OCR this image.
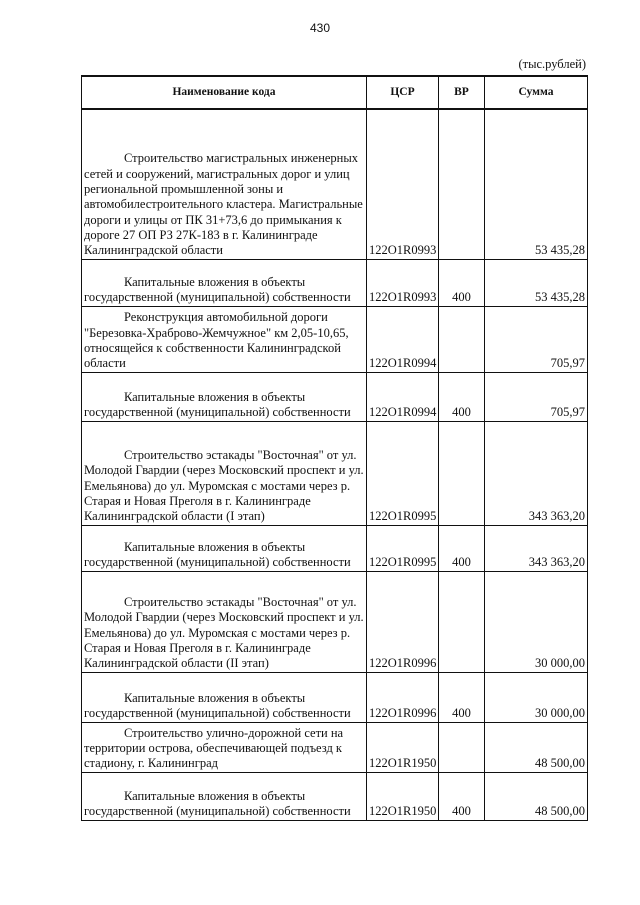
430
(тыс.рублей)
Наименование кода	ЦСР	ВР	Сумма

Строительство магистральных инженерных сетей и сооружений, магистральных дорог и улиц региональной промышленной зоны и автомобилестроительного кластера. Магистральные дороги и улицы от ПК 31+73,6 до примыкания к дороге 27 ОП РЗ 27К-183 в г. Калининграде Калининградской области	122О1R0993		53 435,28

Капитальные вложения в объекты государственной (муниципальной) собственности	122О1R0993	400	53 435,28

Реконструкция автомобильной дороги "Березовка-Храброво-Жемчужное" км 2,05-10,65, относящейся к собственности Калининградской области	122О1R0994		705,97

Капитальные вложения в объекты государственной (муниципальной) собственности	122О1R0994	400	705,97

Строительство эстакады "Восточная" от ул. Молодой Гвардии (через Московский проспект и ул. Емельянова) до ул. Муромская с мостами через р. Старая и Новая Преголя в г. Калининграде Калининградской области (I этап)	122О1R0995		343 363,20

Капитальные вложения в объекты государственной (муниципальной) собственности	122О1R0995	400	343 363,20

Строительство эстакады "Восточная" от ул. Молодой Гвардии (через Московский проспект и ул. Емельянова) до ул. Муромская с мостами через р. Старая и Новая Преголя в г. Калининграде Калининградской области (II этап)	122О1R0996		30 000,00

Капитальные вложения в объекты государственной (муниципальной) собственности	122О1R0996	400	30 000,00

Строительство улично-дорожной сети на территории острова, обеспечивающей подъезд к стадиону, г. Калининград	122О1R1950		48 500,00

Капитальные вложения в объекты государственной (муниципальной) собственности	122О1R1950	400	48 500,00
